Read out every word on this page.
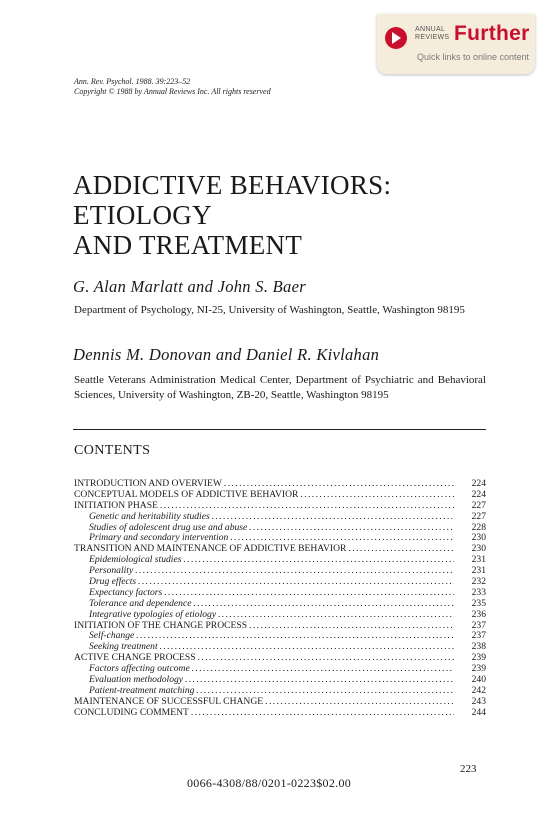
ANNUAL
REVIEWS Further
Quick links to online content
Ann. Rev. Psychol. 1988. 39:223–52
Copyright © 1988 by Annual Reviews Inc. All rights reserved
ADDICTIVE BEHAVIORS: ETIOLOGY
AND TREATMENT
G. Alan Marlatt and John S. Baer
Department of Psychology, NI-25, University of Washington, Seattle, Washington 98195
Dennis M. Donovan and Daniel R. Kivlahan
Seattle Veterans Administration Medical Center, Department of Psychiatric and Behavioral Sciences, University of Washington, ZB-20, Seattle, Washington 98195
CONTENTS
INTRODUCTION AND OVERVIEW . . .	224
CONCEPTUAL MODELS OF ADDICTIVE BEHAVIOR . . .	224
INITIATION PHASE . . .	227
Genetic and heritability studies . . .	227
Studies of adolescent drug use and abuse . . .	228
Primary and secondary intervention . . .	230
TRANSITION AND MAINTENANCE OF ADDICTIVE BEHAVIOR . . .	230
Epidemiological studies . . .	231
Personality . . .	231
Drug effects . . .	232
Expectancy factors . . .	233
Tolerance and dependence . . .	235
Integrative typologies of etiology . . .	236
INITIATION OF THE CHANGE PROCESS . . .	237
Self-change . . .	237
Seeking treatment . . .	238
ACTIVE CHANGE PROCESS . . .	239
Factors affecting outcome . . .	239
Evaluation methodology . . .	240
Patient-treatment matching . . .	242
MAINTENANCE OF SUCCESSFUL CHANGE . . .	243
CONCLUDING COMMENT . . .	244
223
0066-4308/88/0201-0223$02.00
